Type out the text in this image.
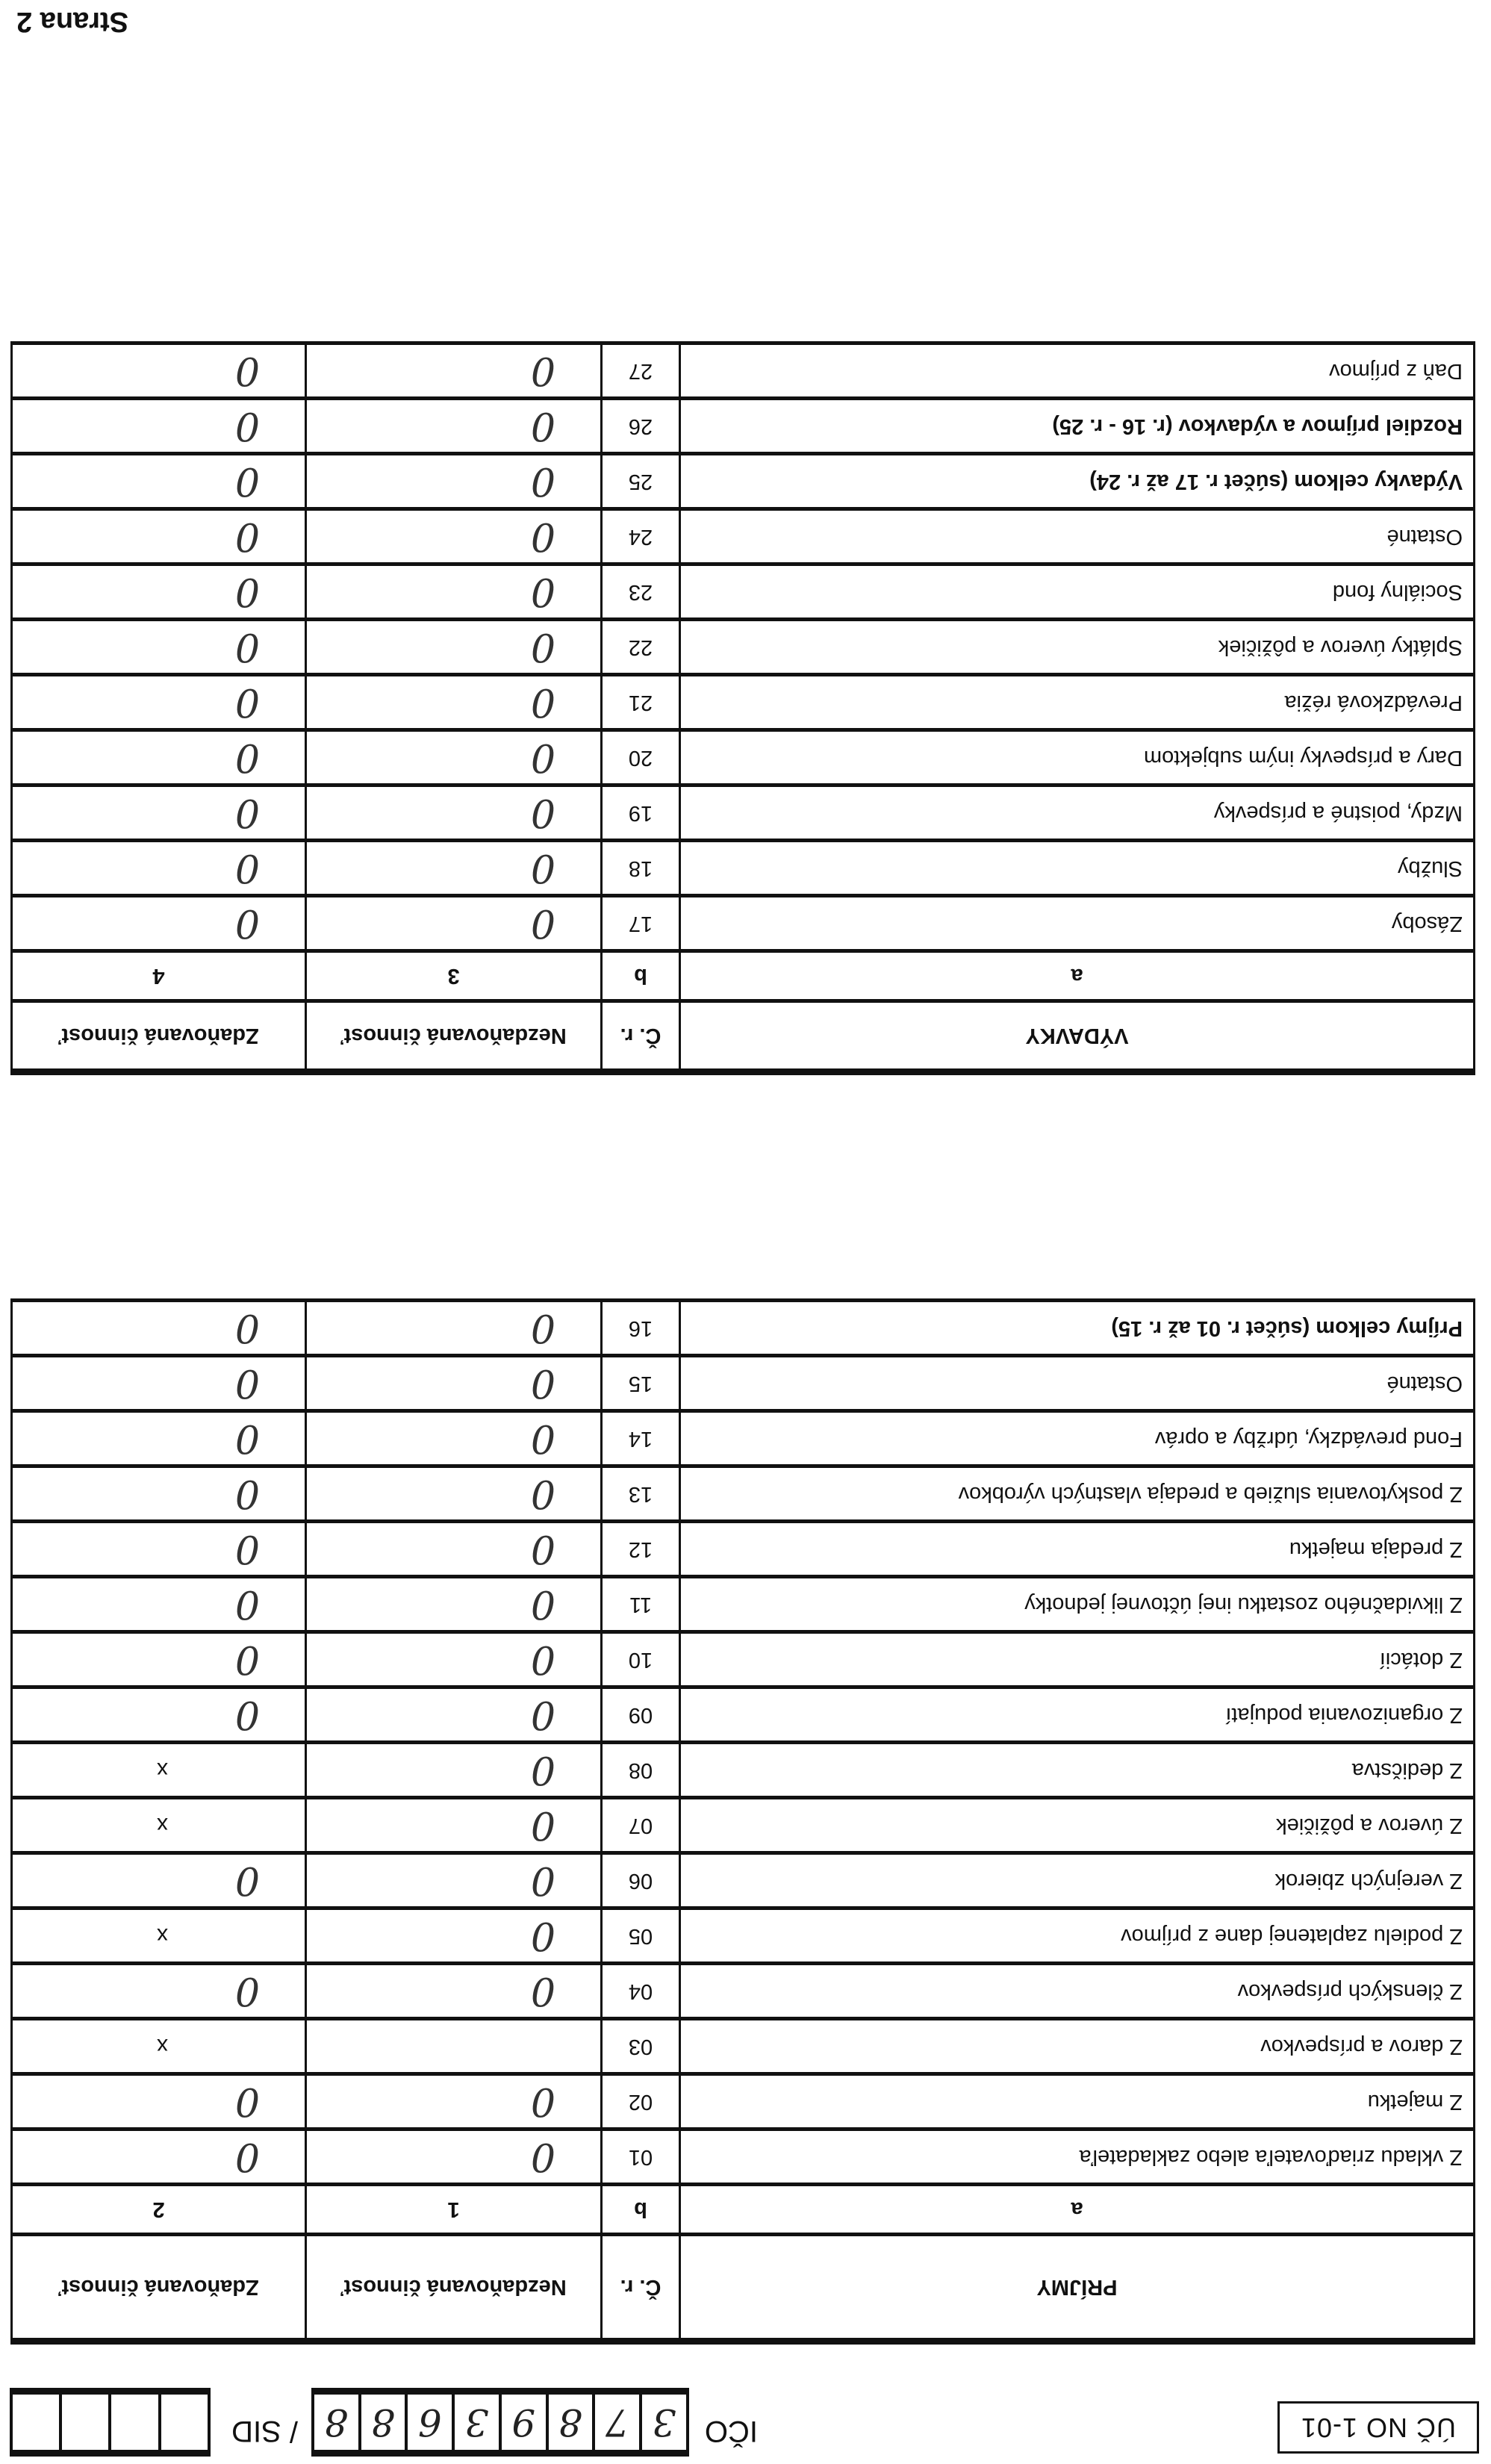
ÚČ NO 1-01
IČO
3
7
8
9
3
6
8
8
/ SID
PRÍJMY	Č. r.	Nezdaňovaná činnosť	Zdaňovaná činnosť
a	b	1	2
Z vkladu zriaďovateľa alebo zakladateľa	01	0	0
Z majetku	02	0	0
Z darov a príspevkov	03		x
Z členských príspevkov	04	0	0
Z podielu zaplatenej dane z príjmov	05	0	x
Z verejných zbierok	06	0	0
Z úverov a pôžičiek	07	0	x
Z dedičstva	08	0	x
Z organizovania podujatí	09	0	0
Z dotácií	10	0	0
Z likvidačného zostatku inej účtovnej jednotky	11	0	0
Z predaja majetku	12	0	0
Z poskytovania služieb a predaja vlastných výrobkov	13	0	0
Fond prevádzky, údržby a opráv	14	0	0
Ostatné	15	0	0
Príjmy celkom (súčet r. 01 až r. 15)	16	0	0
VÝDAVKY	Č. r.	Nezdaňovaná činnosť	Zdaňovaná činnosť
a	b	3	4
Zásoby	17	0	0
Služby	18	0	0
Mzdy, poistné a príspevky	19	0	0
Dary a príspevky iným subjektom	20	0	0
Prevádzková réžia	21	0	0
Splátky úverov a pôžičiek	22	0	0
Sociálny fond	23	0	0
Ostatné	24	0	0
Výdavky celkom (súčet r. 17 až r. 24)	25	0	0
Rozdiel príjmov a výdavkov (r. 16 - r. 25)	26	0	0
Daň z príjmov	27	0	0
Strana 2
